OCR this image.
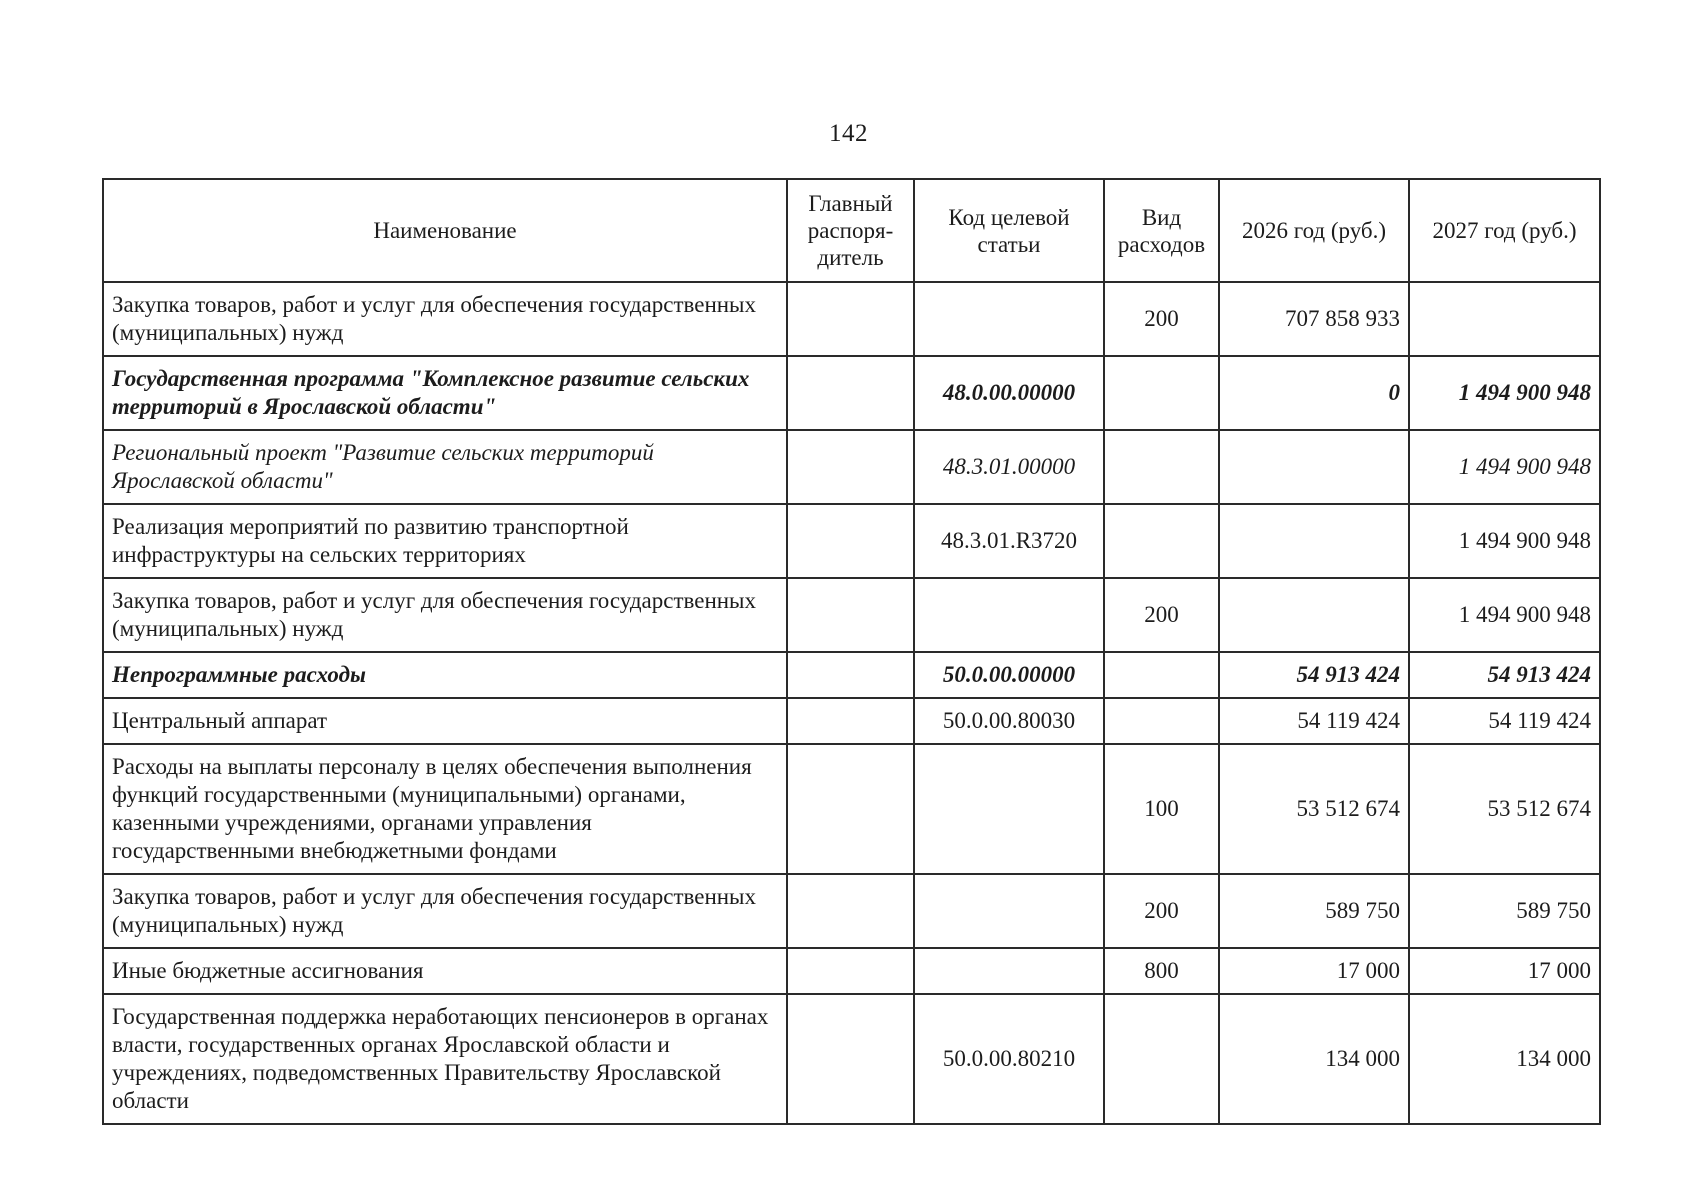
142
Наименование	Главный распоря-дитель	Код целевой статьи	Вид расходов	2026 год (руб.)	2027 год (руб.)
Закупка товаров, работ и услуг для обеспечения государственных (муниципальных) нужд			200	707 858 933	
Государственная программа "Комплексное развитие сельских территорий в Ярославской области"		48.0.00.00000		0	1 494 900 948
Региональный проект "Развитие сельских территорий Ярославской области"		48.3.01.00000			1 494 900 948
Реализация мероприятий по развитию транспортной инфраструктуры на сельских территориях		48.3.01.R3720			1 494 900 948
Закупка товаров, работ и услуг для обеспечения государственных (муниципальных) нужд			200		1 494 900 948
Непрограммные расходы		50.0.00.00000		54 913 424	54 913 424
Центральный аппарат		50.0.00.80030		54 119 424	54 119 424
Расходы на выплаты персоналу в целях обеспечения выполнения функций государственными (муниципальными) органами, казенными учреждениями, органами управления государственными внебюджетными фондами			100	53 512 674	53 512 674
Закупка товаров, работ и услуг для обеспечения государственных (муниципальных) нужд			200	589 750	589 750
Иные бюджетные ассигнования			800	17 000	17 000
Государственная поддержка неработающих пенсионеров в органах власти, государственных органах Ярославской области и учреждениях, подведомственных Правительству Ярославской области		50.0.00.80210		134 000	134 000
